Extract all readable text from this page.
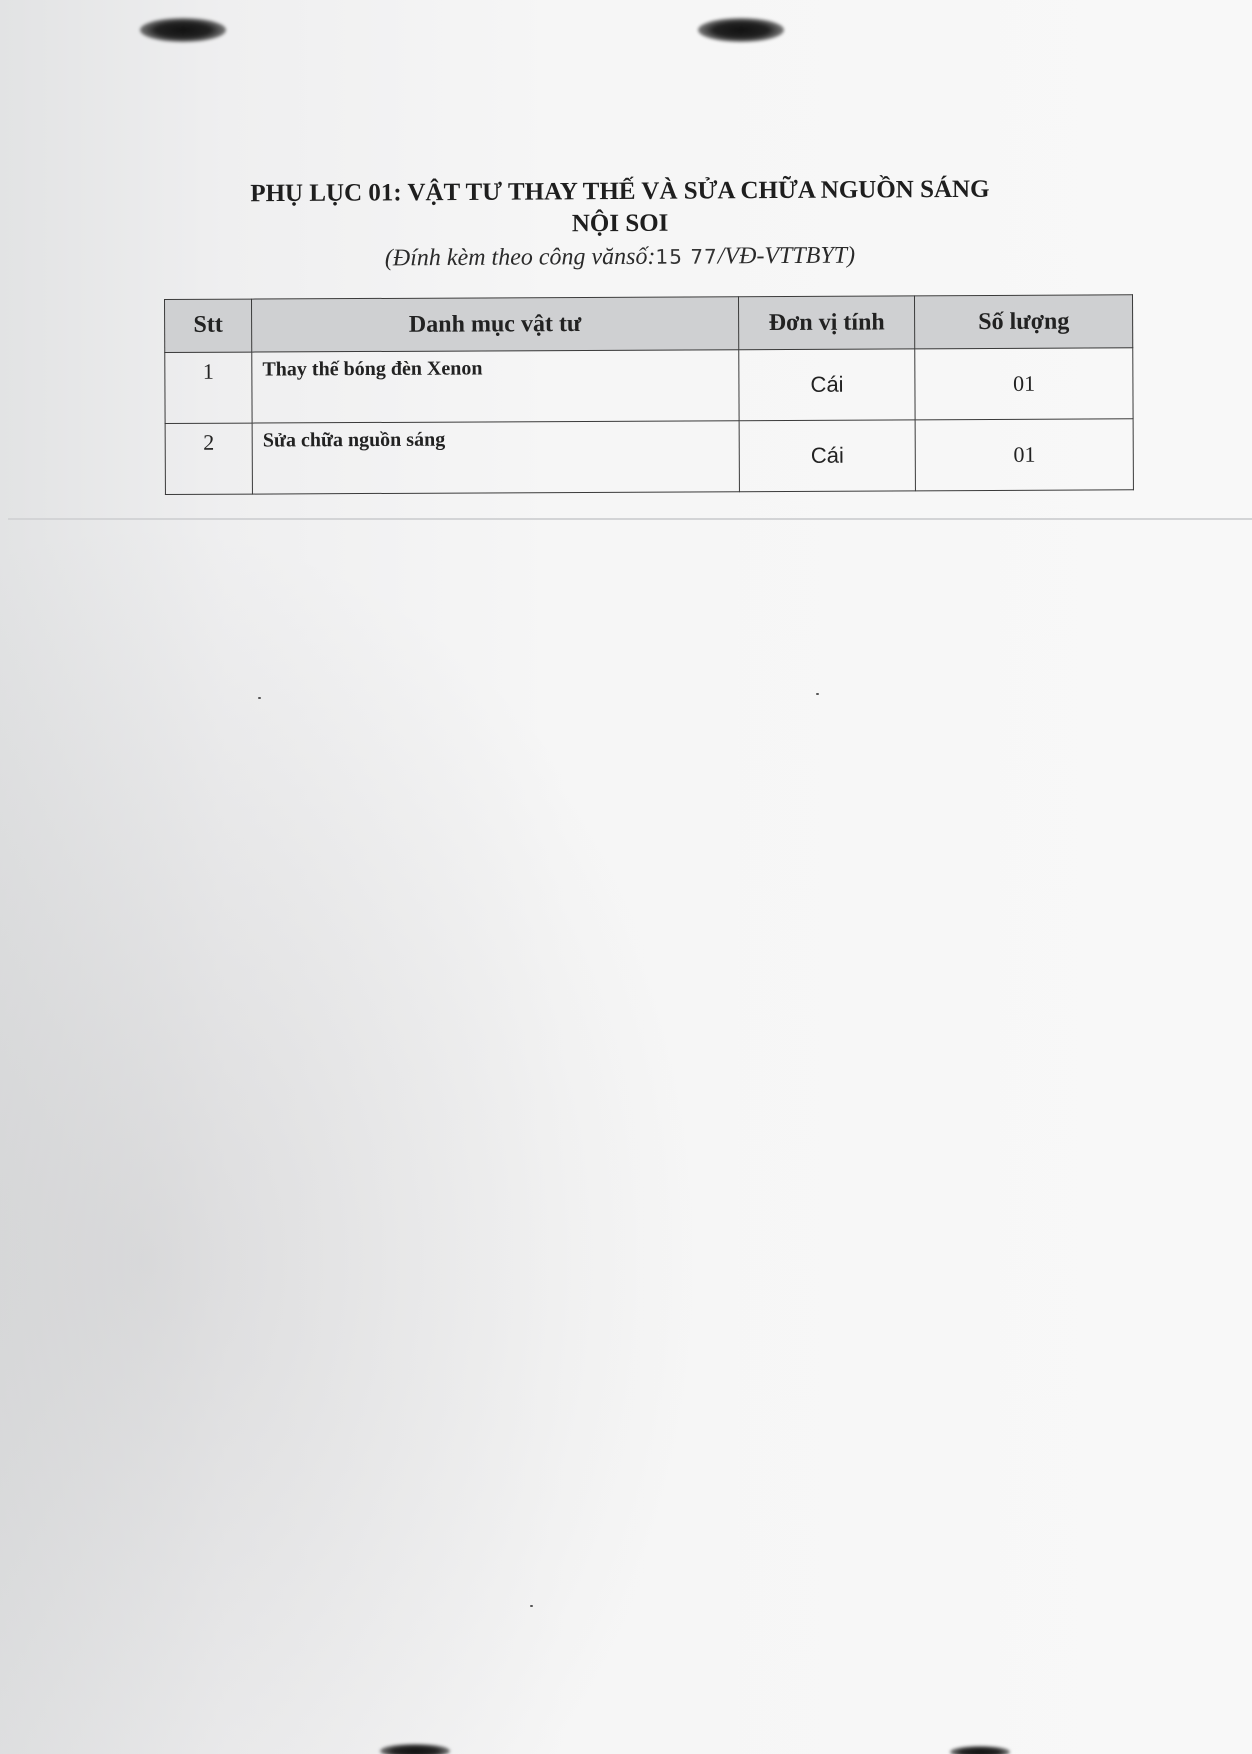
PHỤ LỤC 01: VẬT TƯ THAY THẾ VÀ SỬA CHỮA NGUỒN SÁNG
NỘI SOI
(Đính kèm theo công vănsố:15 77/VĐ-VTTBYT)
Stt	Danh mục vật tư	Đơn vị tính	Số lượng
1	Thay thế bóng đèn Xenon	Cái	01
2	Sửa chữa nguồn sáng	Cái	01
